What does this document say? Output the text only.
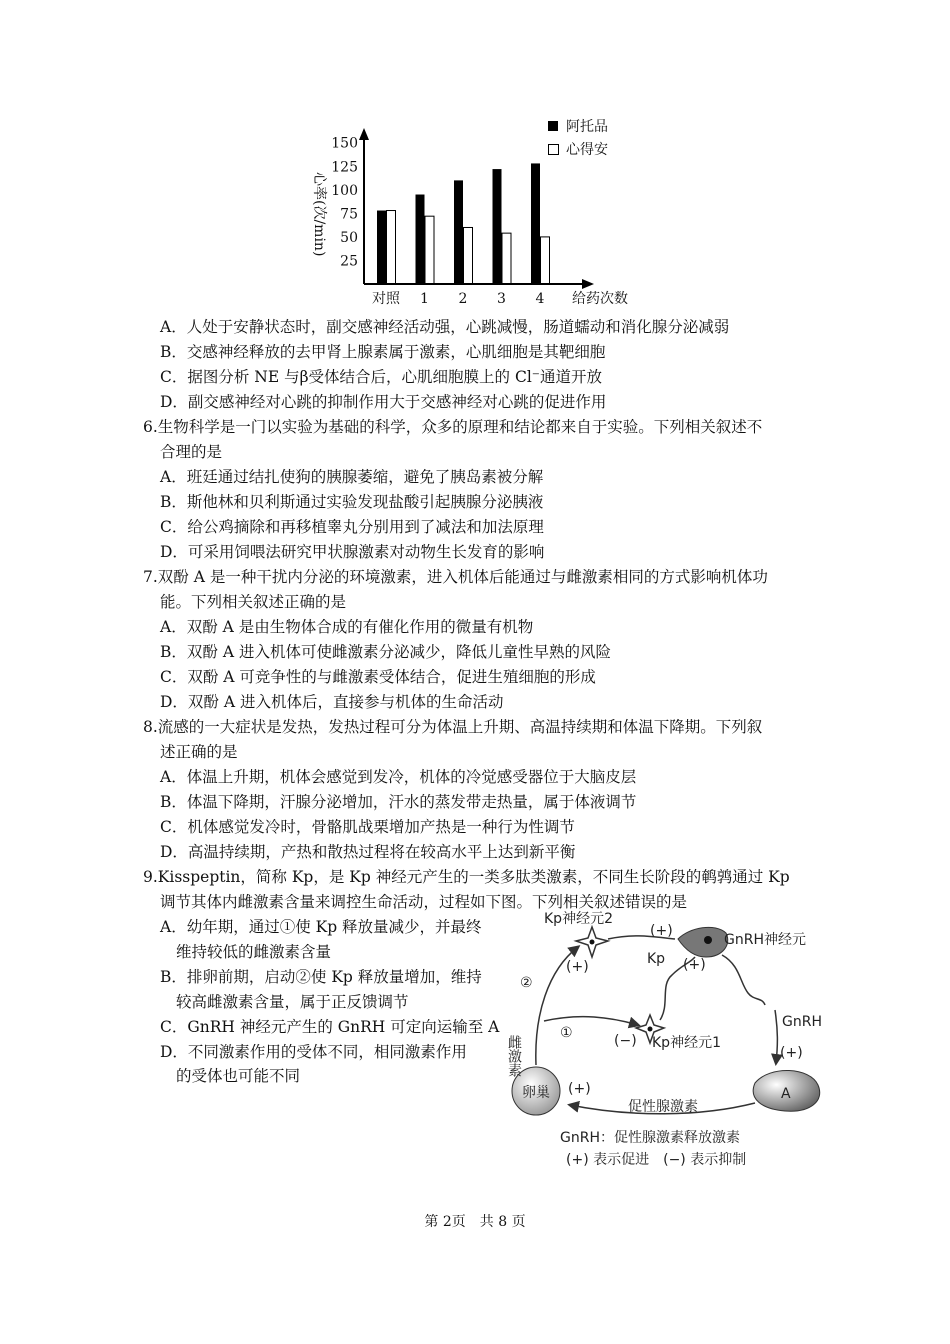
25
50
75
100
125
150
对照 1 2 3 4
心率(次/min)
给药次数
阿托品
心得安
A．人处于安静状态时，副交感神经活动强，心跳减慢，肠道蠕动和消化腺分泌减弱
B．交感神经释放的去甲肾上腺素属于激素，心肌细胞是其靶细胞
C．据图分析 NE 与β受体结合后，心肌细胞膜上的 Cl⁻通道开放
D．副交感神经对心跳的抑制作用大于交感神经对心跳的促进作用
6.生物科学是一门以实验为基础的科学，众多的原理和结论都来自于实验。下列相关叙述不
合理的是
A．班廷通过结扎使狗的胰腺萎缩，避免了胰岛素被分解
B．斯他林和贝利斯通过实验发现盐酸引起胰腺分泌胰液
C．给公鸡摘除和再移植睾丸分别用到了减法和加法原理
D．可采用饲喂法研究甲状腺激素对动物生长发育的影响
7.双酚 A 是一种干扰内分泌的环境激素，进入机体后能通过与雌激素相同的方式影响机体功
能。下列相关叙述正确的是
A．双酚 A 是由生物体合成的有催化作用的微量有机物
B．双酚 A 进入机体可使雌激素分泌减少，降低儿童性早熟的风险
C．双酚 A 可竞争性的与雌激素受体结合，促进生殖细胞的形成
D．双酚 A 进入机体后，直接参与机体的生命活动
8.流感的一大症状是发热，发热过程可分为体温上升期、高温持续期和体温下降期。下列叙
述正确的是
A．体温上升期，机体会感觉到发冷，机体的冷觉感受器位于大脑皮层
B．体温下降期，汗腺分泌增加，汗水的蒸发带走热量，属于体液调节
C．机体感觉发冷时，骨骼肌战栗增加产热是一种行为性调节
D．高温持续期，产热和散热过程将在较高水平上达到新平衡
9.Kisspeptin，简称 Kp，是 Kp 神经元产生的一类多肽类激素，不同生长阶段的鹌鹑通过 Kp
调节其体内雌激素含量来调控生命活动，过程如下图。下列相关叙述错误的是
A．幼年期，通过①使 Kp 释放量减少，并最终
维持较低的雌激素含量
B．排卵前期，启动②使 Kp 释放量增加，维持
较高雌激素含量，属于正反馈调节
C．GnRH 神经元产生的 GnRH 可定向运输至 A
D．不同激素作用的受体不同，相同激素作用
的受体也可能不同
Kp神经元2
(+)
(+)
Kp
GnRH神经元
(+)
GnRH
(+)
A
促性腺激素
(+)
卵巢
雌激素
②
①	(−) Kp神经元1
GnRH：促性腺激素释放激素
(+) 表示促进　(−) 表示抑制
第 2页　共 8 页
